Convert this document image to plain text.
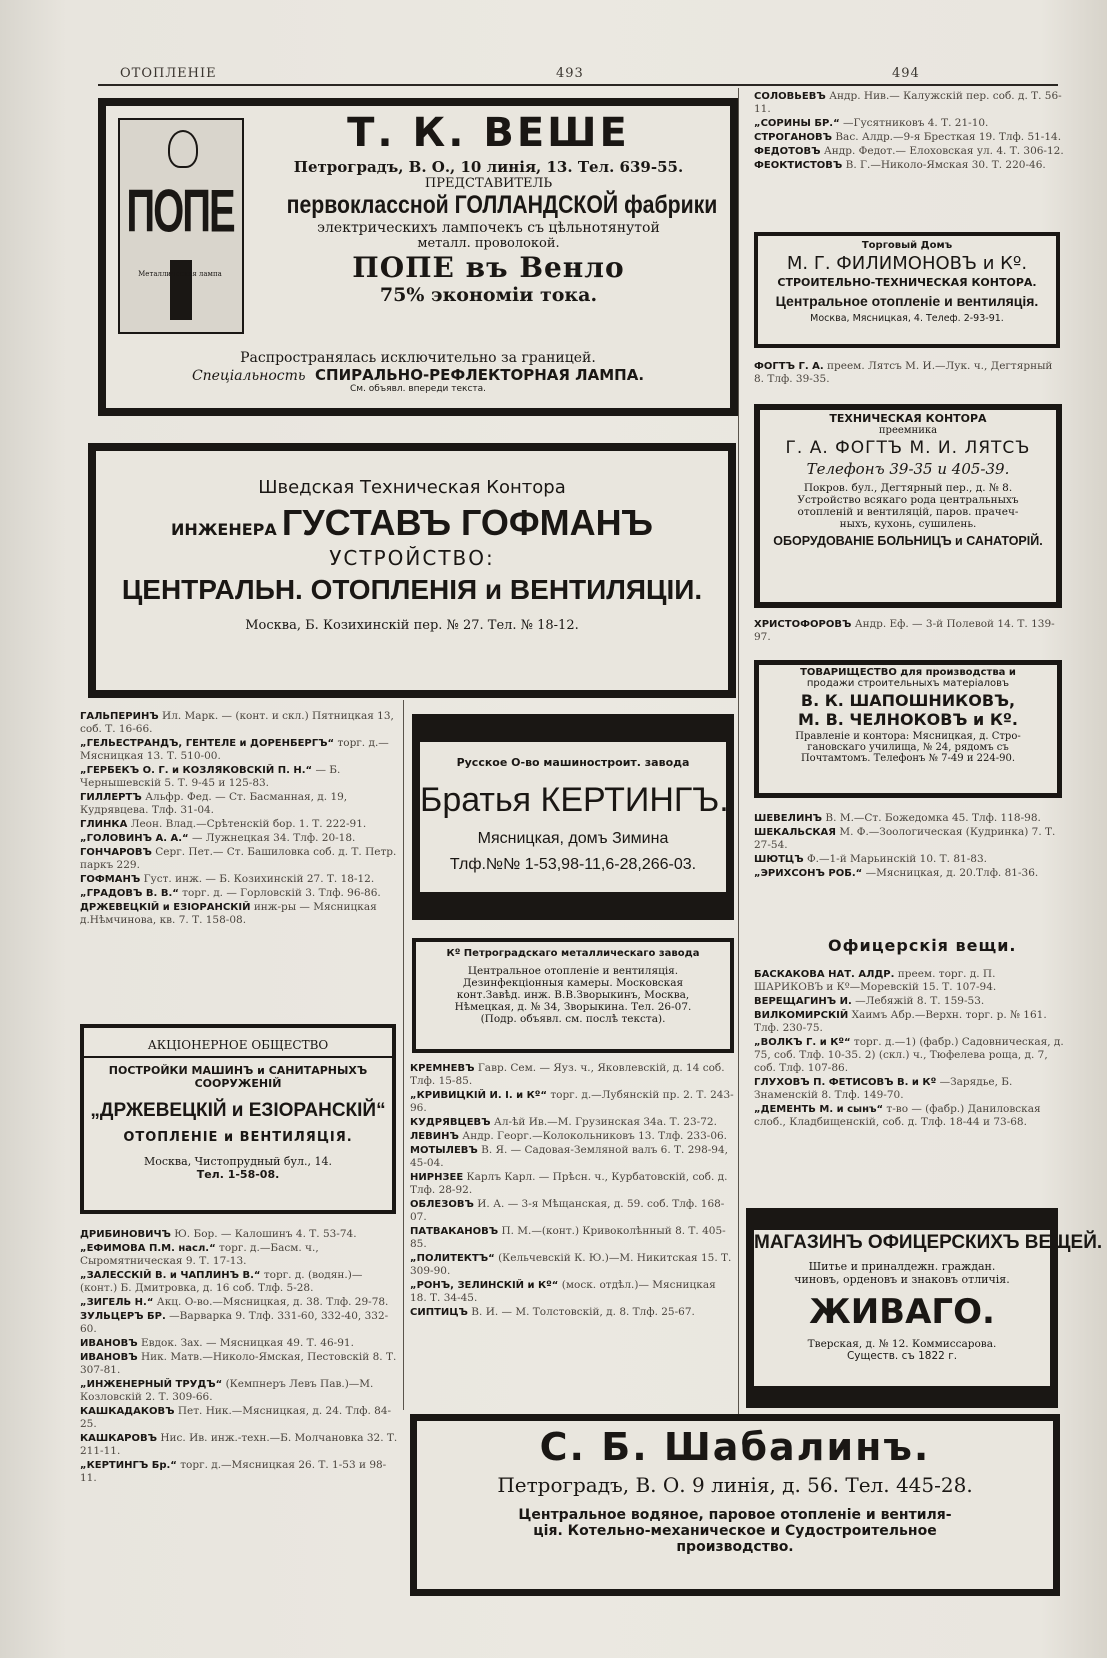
ОТОПЛЕНІЕ	493	494
ПОПЕ
Металлическая лампа
Т. К. ВЕШЕ
Петроградъ, В. О., 10 линія, 13. Тел. 639-55.
ПРЕДСТАВИТЕЛЬ
первоклассной ГОЛЛАНДСКОЙ фабрики
электрическихъ лампочекъ съ цѣльнотянутой
металл. проволокой.
ПОПЕ въ Венло
75% экономіи тока.
Распространялась исключительно за границей.
Спеціальность СПИРАЛЬНО-РЕФЛЕКТОРНАЯ ЛАМПА.
См. объявл. впереди текста.
Шведская Техническая Контора
ИНЖЕНЕРА ГУСТАВЪ ГОФМАНЪ
УСТРОЙСТВО:
ЦЕНТРАЛЬН. ОТОПЛЕНІЯ и ВЕНТИЛЯЦІИ.
Москва, Б. Козихинскій пер. № 27. Тел. № 18-12.
ГАЛЬПЕРИНЪ Ил. Марк. — (конт. и скл.) Пятницкая 13, соб. Т. 16-66.
„ГЕЛЬЕСТРАНДЪ, ГЕНТЕЛЕ и ДОРЕНБЕРГЪ“ торг. д.—Мясницкая 13. Т. 510-00.
„ГЕРБЕКЪ О. Г. и КОЗЛЯКОВСКІЙ П. Н.“ — Б. Чернышевскій 5. Т. 9-45 и 125-83.
ГИЛЛЕРТЪ Альфр. Фед. — Ст. Басманная, д. 19, Кудрявцева. Тлф. 31-04.
ГЛИНКА Леон. Влад.—Срѣтенскій бор. 1. Т. 222-91.
„ГОЛОВИНЪ А. А.“ — Лужнецкая 34. Тлф. 20-18.
ГОНЧАРОВЪ Серг. Пет.— Ст. Башиловка соб. д. Т. Петр. паркъ 229.
ГОФМАНЪ Густ. инж. — Б. Козихинскій 27. Т. 18-12.
„ГРАДОВЪ В. В.“ торг. д. — Горловскій 3. Тлф. 96-86.
ДРЖЕВЕЦКІЙ и ЕЗІОРАНСКІЙ инж-ры — Мясницкая д.Нѣмчинова, кв. 7. Т. 158-08.
АКЦІОНЕРНОЕ ОБЩЕСТВО
ПОСТРОЙКИ МАШИНЪ и САНИТАРНЫХЪ
СООРУЖЕНІЙ
„ДРЖЕВЕЦКІЙ и ЕЗІОРАНСКІЙ“
ОТОПЛЕНІЕ и ВЕНТИЛЯЦІЯ.
Москва, Чистопрудный бул., 14.
Тел. 1-58-08.
ДРИБИНОВИЧЪ Ю. Бор. — Калошинъ 4. Т. 53-74.
„ЕФИМОВА П.М. насл.“ торг. д.—Басм. ч., Сыромятническая 9. Т. 17-13.
„ЗАЛЕССКІЙ В. и ЧАПЛИНЪ В.“ торг. д. (водян.)—(конт.) Б. Дмитровка, д. 16 соб. Тлф. 5-28.
„ЗИГЕЛЬ Н.“ Акц. О-во.—Мясницкая, д. 38. Тлф. 29-78.
ЗУЛЬЦЕРЪ БР. —Варварка 9. Тлф. 331-60, 332-40, 332-60.
ИВАНОВЪ Евдок. Зах. — Мясницкая 49. Т. 46-91.
ИВАНОВЪ Ник. Матв.—Николо-Ямская, Пестовскій 8. Т. 307-81.
„ИНЖЕНЕРНЫЙ ТРУДЪ“ (Кемпнеръ Левъ Пав.)—М. Козловскій 2. Т. 309-66.
КАШКАДАКОВЪ Пет. Ник.—Мясницкая, д. 24. Тлф. 84-25.
КАШКАРОВЪ Нис. Ив. инж.-техн.—Б. Молчановка 32. Т. 211-11.
„КЕРТИНГЪ Бр.“ торг. д.—Мясницкая 26. Т. 1-53 и 98-11.
Русское О-во машиностроит. завода
Братья КЕРТИНГЪ.
Мясницкая, домъ Зимина
Тлф.№№ 1-53,98-11,6-28,266-03.
Кº Петроградскаго металлическаго завода
Центральное отопленіе и вентиляція.
Дезинфекціонныя камеры. Московская
конт.Завѣд. инж. В.В.Зворыкинъ, Москва,
Нѣмецкая, д. № 34, Зворыкина. Тел. 26-07.
(Подр. объявл. см. послѣ текста).
КРЕМНЕВЪ Гавр. Сем. — Яуз. ч., Яковлевскій, д. 14 соб. Тлф. 15-85.
„КРИВИЦКІЙ И. І. и Кº“ торг. д.—Лубянскій пр. 2. Т. 243-96.
КУДРЯВЦЕВЪ Ал-ѣй Ив.—М. Грузинская 34а. Т. 23-72.
ЛЕВИНЪ Андр. Георг.—Колокольниковъ 13. Тлф. 233-06.
МОТЫЛЕВЪ В. Я. — Садовая-Земляной валъ 6. Т. 298-94, 45-04.
НИРНЗЕЕ Карлъ Карл. — Прѣсн. ч., Курбатовскій, соб. д. Тлф. 28-92.
ОБЛЕЗОВЪ И. А. — 3-я Мѣщанская, д. 59. соб. Тлф. 168-07.
ПАТВАКАНОВЪ П. М.—(конт.) Кривоколѣнный 8. Т. 405-85.
„ПОЛИТЕКТЪ“ (Кельчевскій К. Ю.)—М. Никитская 15. Т. 309-90.
„РОНЪ, ЗЕЛИНСКІЙ и Кº“ (моск. отдѣл.)— Мясницкая 18. Т. 34-45.
СИПТИЦЪ В. И. — М. Толстовскій, д. 8. Тлф. 25-67.
СОЛОВЬЕВЪ Андр. Нив.— Калужскій пер. соб. д. Т. 56-11.
„СОРИНЫ БР.“ —Гусятниковъ 4. Т. 21-10.
СТРОГАНОВЪ Вас. Алдр.—9-я Бресткая 19. Тлф. 51-14.
ФЕДОТОВЪ Андр. Федот.— Елоховская ул. 4. Т. 306-12.
ФЕОКТИСТОВЪ В. Г.—Николо-Ямская 30. Т. 220-46.
Торговый Домъ
М. Г. ФИЛИМОНОВЪ и Кº.
СТРОИТЕЛЬНО-ТЕХНИЧЕСКАЯ КОНТОРА.
Центральное отопленіе и вентиляція.
Москва, Мясницкая, 4. Телеф. 2-93-91.
ФОГТЪ Г. А. преем. Лятсъ М. И.—Лук. ч., Дегтярный 8. Тлф. 39-35.
ТЕХНИЧЕСКАЯ КОНТОРА
преемника
Г. А. ФОГТЪ М. И. ЛЯТСЪ
Телефонъ 39-35 и 405-39.
Покров. бул., Дегтярный пер., д. № 8.
Устройство всякаго рода центральныхъ
отопленій и вентиляцій, паров. прачеч-
ныхъ, кухонь, сушилень.
ОБОРУДОВАНІЕ БОЛЬНИЦЪ и САНАТОРІЙ.
ХРИСТОФОРОВЪ Андр. Еф. — 3-й Полевой 14. Т. 139-97.
ТОВАРИЩЕСТВО для производства и
продажи строительныхъ матеріаловъ
В. К. ШАПОШНИКОВЪ,
М. В. ЧЕЛНОКОВЪ и Кº.
Правленіе и контора: Мясницкая, д. Стро-
гановскаго училища, № 24, рядомъ съ
Почтамтомъ. Телефонъ № 7-49 и 224-90.
ШЕВЕЛИНЪ В. М.—Ст. Божедомка 45. Тлф. 118-98.
ШЕКАЛЬСКАЯ М. Ф.—Зоологическая (Кудринка) 7. Т. 27-54.
ШЮТЦЪ Ф.—1-й Марьинскій 10. Т. 81-83.
„ЭРИХСОНЪ РОБ.“ —Мясницкая, д. 20.Тлф. 81-36.
Офицерскія вещи.
БАСКАКОВА НАТ. АЛДР. преем. торг. д. П. ШАРИКОВЪ и Кº—Моревскій 15. Т. 107-94.
ВЕРЕЩАГИНЪ И. —Лебяжій 8. Т. 159-53.
ВИЛКОМИРСКІЙ Хаимъ Абр.—Верхн. торг. р. № 161. Тлф. 230-75.
„ВОЛКЪ Г. и Кº“ торг. д.—1) (фабр.) Садовническая, д. 75, соб. Тлф. 10-35. 2) (скл.) ч., Тюфелева роща, д. 7, соб. Тлф. 107-86.
ГЛУХОВЪ П. ФЕТИСОВЪ В. и Кº —Зарядье, Б. Знаменскій 8. Тлф. 149-70.
„ДЕМЕНТЬ М. и сынъ“ т-во — (фабр.) Даниловская слоб., Кладбищенскій, соб. д. Тлф. 18-44 и 73-68.
МАГАЗИНЪ ОФИЦЕРСКИХЪ ВЕЩЕЙ.
Шитье и приналдежн. граждан.
чиновъ, орденовъ и знаковъ отличія.
ЖИВАГО.
Тверская, д. № 12. Коммиссарова.
Существ. съ 1822 г.
С. Б. Шабалинъ.
Петроградъ, В. О. 9 линія, д. 56. Тел. 445-28.
Центральное водяное, паровое отопленіе и вентиля-
ція. Котельно-механическое и Судостроительное
производство.
